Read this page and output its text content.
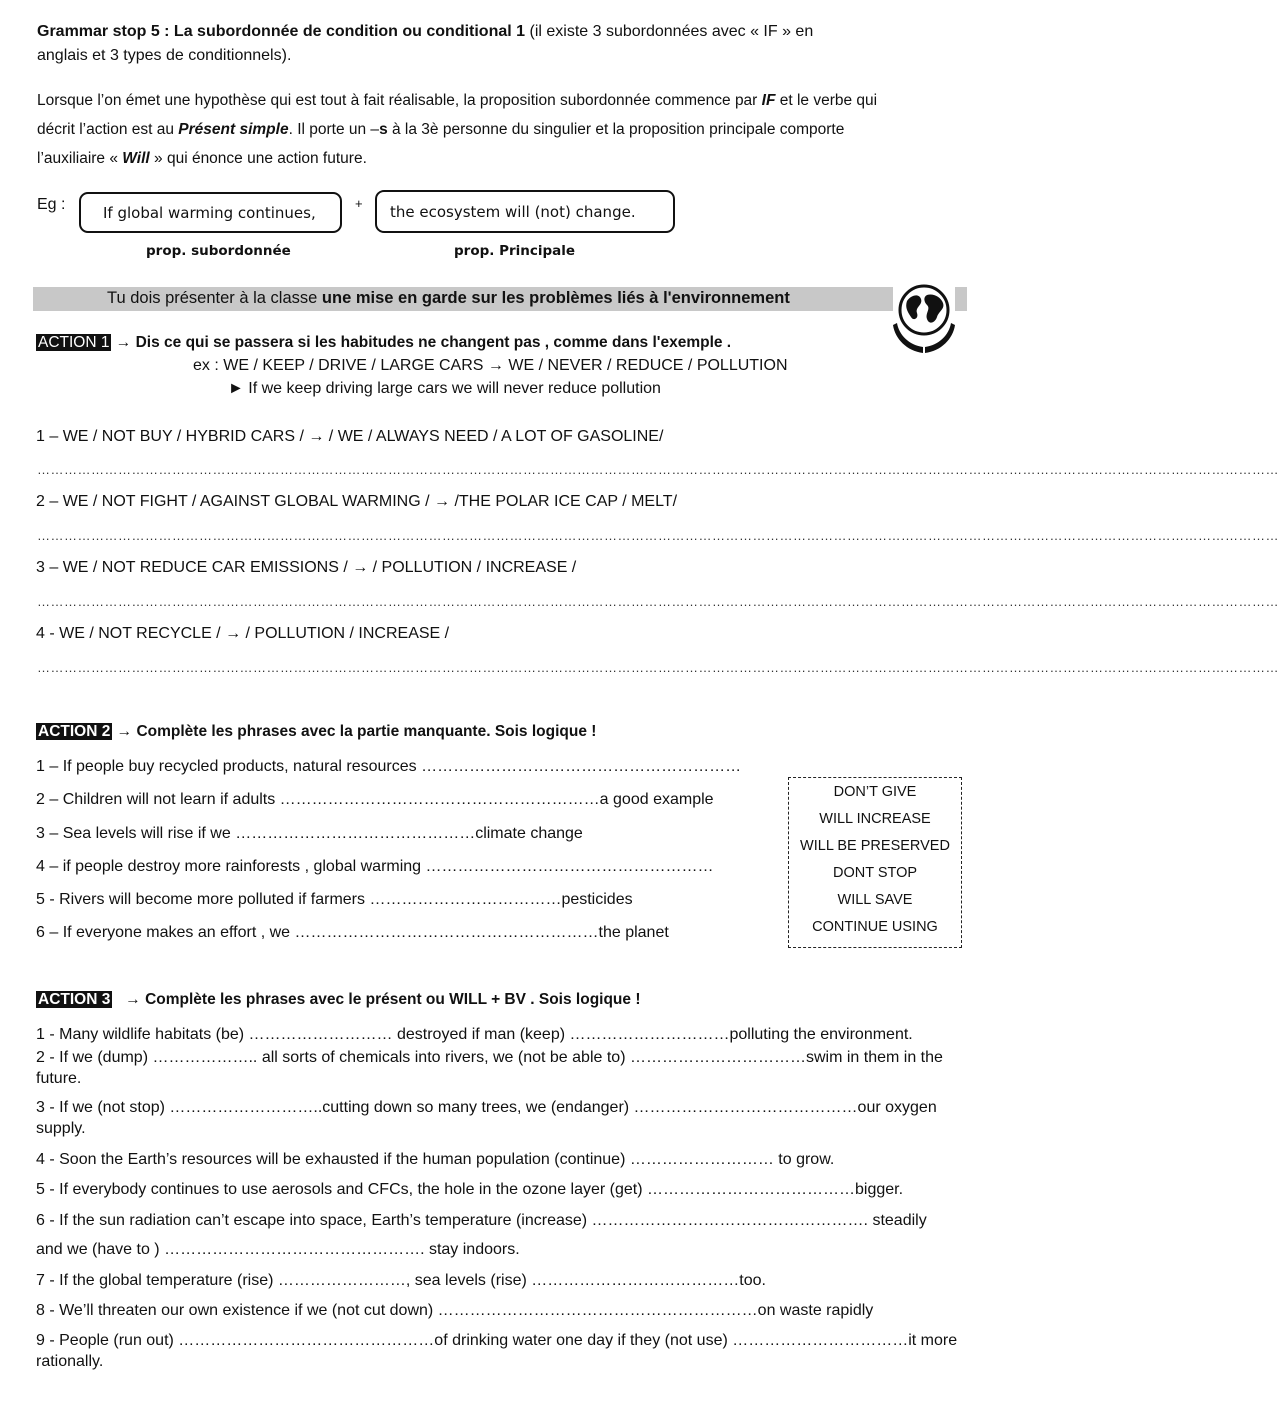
Grammar stop 5 : La subordonnée de condition ou conditional 1 (il existe 3 subordonnées avec « IF » en
anglais et 3 types de conditionnels).
Lorsque l’on émet une hypothèse qui est tout à fait réalisable, la proposition subordonnée commence par IF et le verbe qui
décrit l’action est au Présent simple. Il porte un –s à la 3è personne du singulier et la proposition principale comporte
l’auxiliaire « Will » qui énonce une action future.
Eg :	If global warming continues,	+ the ecosystem will (not) change.
prop. subordonnée	prop. Principale
Tu dois présenter à la classe une mise en garde sur les problèmes liés à l'environnement
ACTION 1 → Dis ce qui se passera si les habitudes ne changent pas , comme dans l'exemple .
ex : WE / KEEP / DRIVE / LARGE CARS → WE / NEVER / REDUCE / POLLUTION
► If we keep driving large cars we will never reduce pollution
1 – WE / NOT BUY / HYBRID CARS / → / WE / ALWAYS NEED / A LOT OF GASOLINE/
……………………………………………………………………………………………………………………………………………………………………………………………………………………………………………………
2 – WE / NOT FIGHT / AGAINST GLOBAL WARMING / → /THE POLAR ICE CAP / MELT/
……………………………………………………………………………………………………………………………………………………………………………………………………………………………………………………
3 – WE / NOT REDUCE CAR EMISSIONS / → / POLLUTION / INCREASE /
……………………………………………………………………………………………………………………………………………………………………………………………………………………………………………………
4 - WE / NOT RECYCLE / → / POLLUTION / INCREASE /
……………………………………………………………………………………………………………………………………………………………………………………………………………………………………………………
ACTION 2 → Complète les phrases avec la partie manquante. Sois logique !
1 – If people buy recycled products, natural resources ……………………………………………………
2 – Children will not learn if adults ……………………………………………………a good example
3 – Sea levels will rise if we ………………………………………climate change
4 – if people destroy more rainforests , global warming ………………………………………………
5 - Rivers will become more polluted if farmers ………………………………pesticides
6 – If everyone makes an effort , we …………………………………………………the planet
DON’T GIVE
WILL INCREASE
WILL BE PRESERVED
DONT STOP
WILL SAVE
CONTINUE USING
ACTION 3 → Complète les phrases avec le présent ou WILL + BV . Sois logique !
1 - Many wildlife habitats (be) ……………………… destroyed if man (keep) …………………………polluting the environment.
2 - If we (dump) ……………….. all sorts of chemicals into rivers, we (not be able to) ……………………………swim in them in the
future.
3 - If we (not stop) ………………………..cutting down so many trees, we (endanger) ……………………………………our oxygen
supply.
4 - Soon the Earth’s resources will be exhausted if the human population (continue) ……………………… to grow.
5 - If everybody continues to use aerosols and CFCs, the hole in the ozone layer (get) …………………………………bigger.
6 - If the sun radiation can’t escape into space, Earth’s temperature (increase) ……………………………………………. steadily
and we (have to ) …………………………………………. stay indoors.
7 - If the global temperature (rise) ……………………, sea levels (rise) …………………………………too.
8 - We’ll threaten our own existence if we (not cut down) ……………………………………………………on waste rapidly
9 - People (run out) …………………………………………of drinking water one day if they (not use) ……………………………it more
rationally.
